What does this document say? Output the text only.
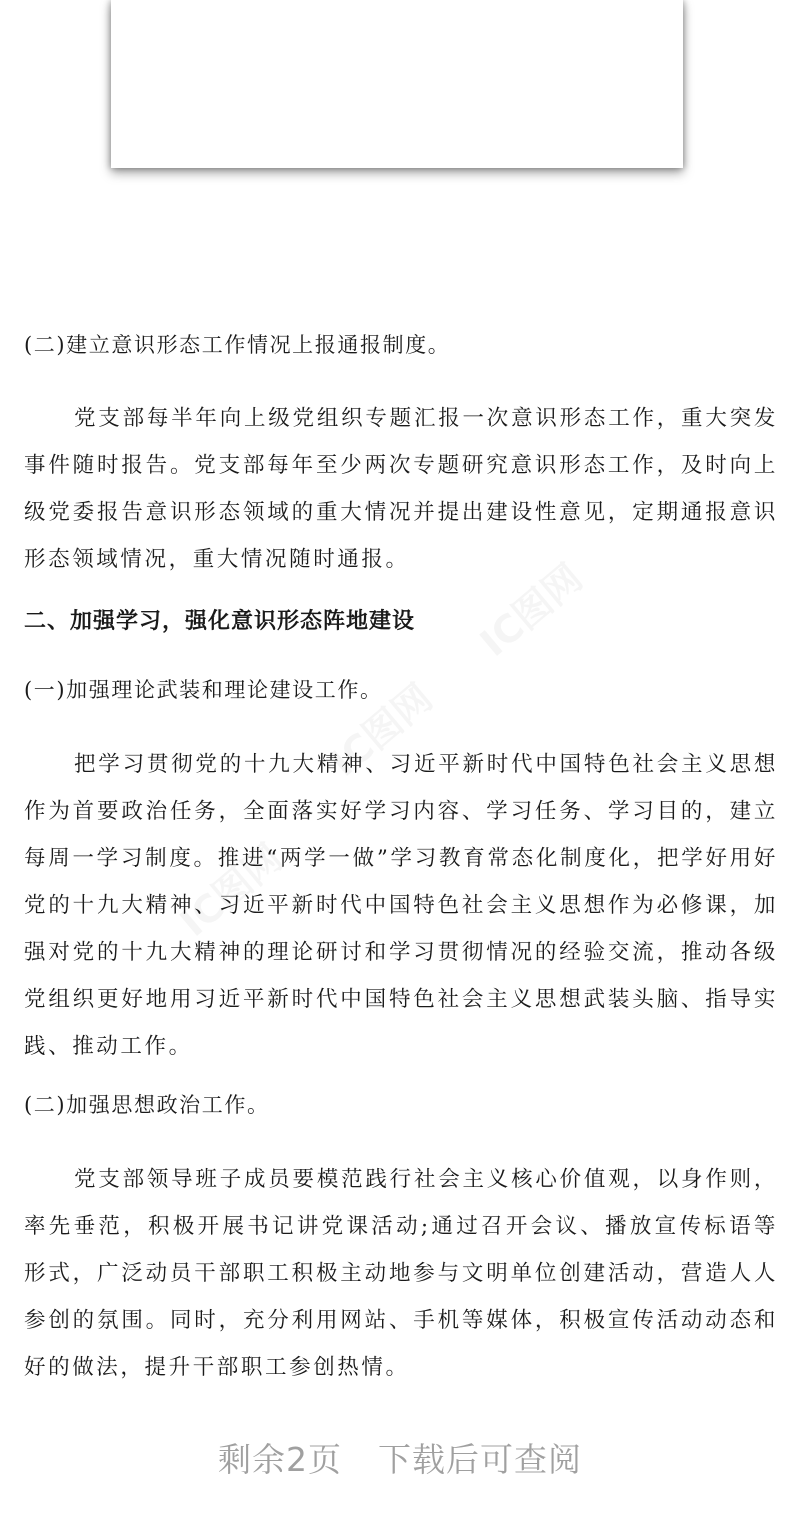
IC图网
IC图网
IC图网
(二)建立意识形态工作情况上报通报制度。
党支部每半年向上级党组织专题汇报一次意识形态工作，重大突发事件随时报告。党支部每年至少两次专题研究意识形态工作，及时向上级党委报告意识形态领域的重大情况并提出建设性意见，定期通报意识形态领域情况，重大情况随时通报。
二、加强学习，强化意识形态阵地建设
(一)加强理论武装和理论建设工作。
把学习贯彻党的十九大精神、习近平新时代中国特色社会主义思想作为首要政治任务，全面落实好学习内容、学习任务、学习目的，建立每周一学习制度。推进“两学一做”学习教育常态化制度化，把学好用好党的十九大精神、习近平新时代中国特色社会主义思想作为必修课，加强对党的十九大精神的理论研讨和学习贯彻情况的经验交流，推动各级党组织更好地用习近平新时代中国特色社会主义思想武装头脑、指导实践、推动工作。
(二)加强思想政治工作。
党支部领导班子成员要模范践行社会主义核心价值观，以身作则，率先垂范，积极开展书记讲党课活动;通过召开会议、播放宣传标语等形式，广泛动员干部职工积极主动地参与文明单位创建活动，营造人人参创的氛围。同时，充分利用网站、手机等媒体，积极宣传活动动态和好的做法，提升干部职工参创热情。
剩余2页 下载后可查阅
